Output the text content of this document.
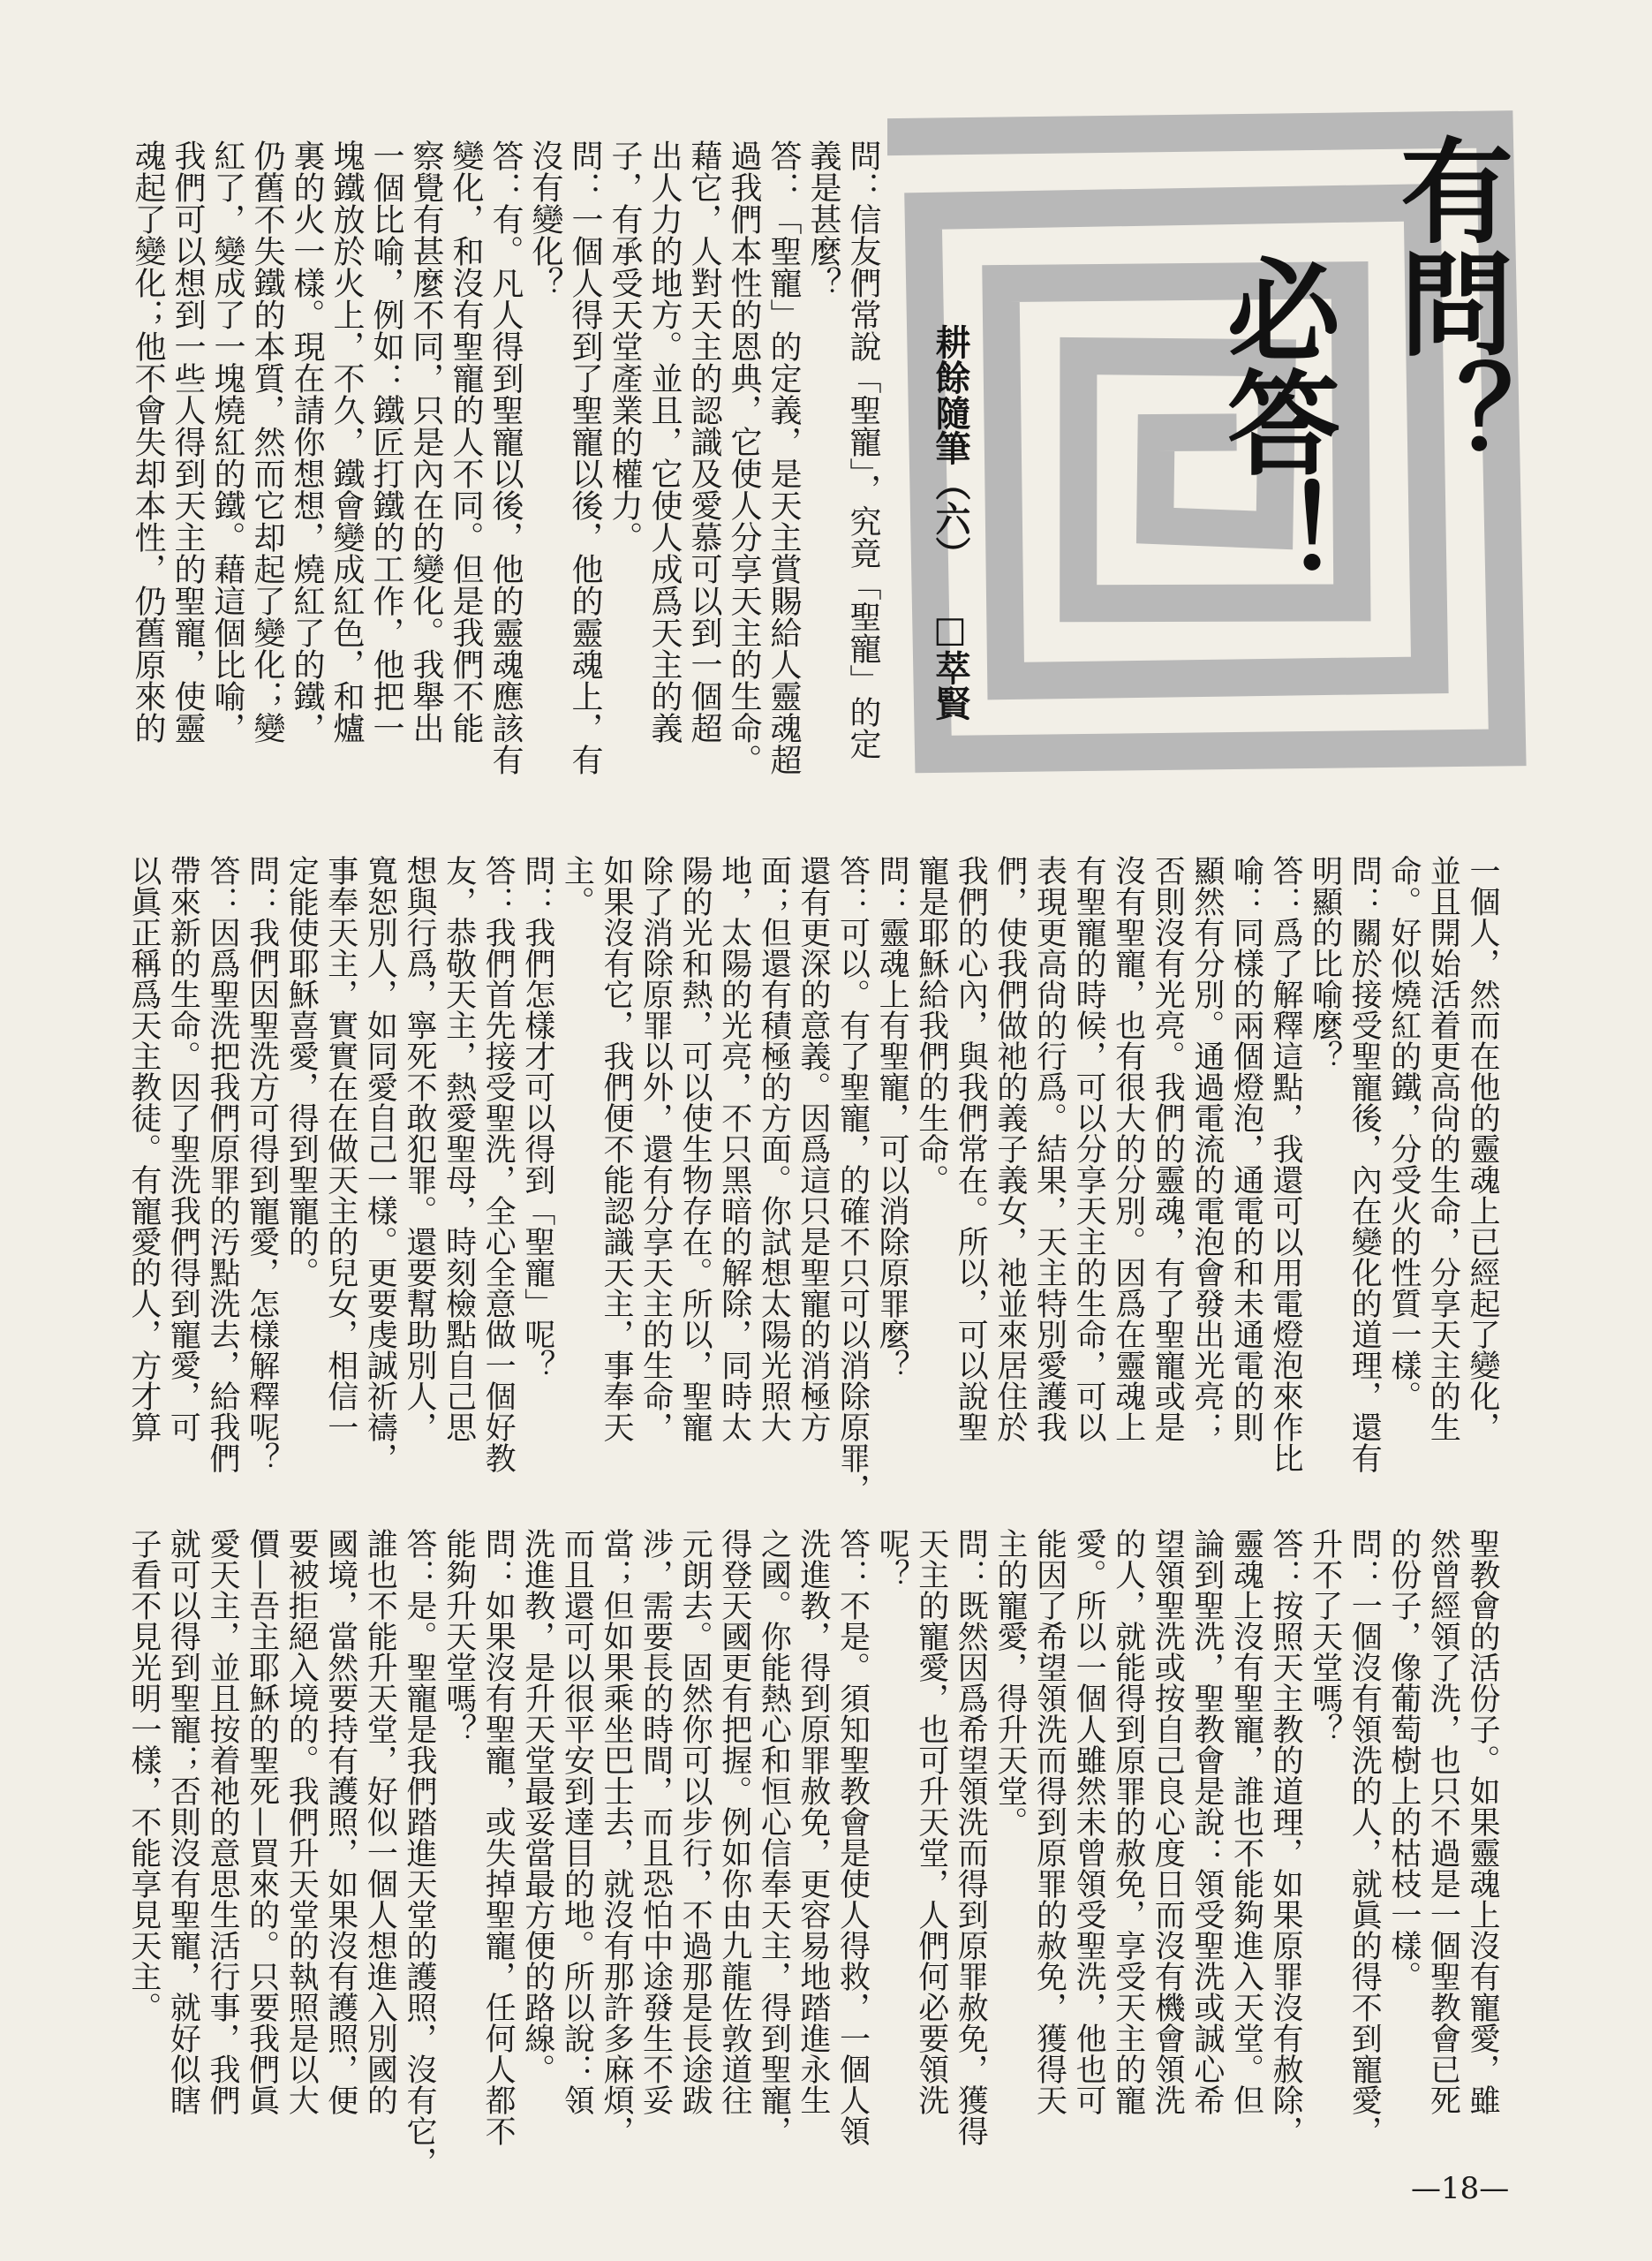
有問？
必答！
耕餘隨筆（六）
□萃賢
問：信友們常說「聖寵」，究竟「聖寵」的定
義是甚麼？
答：「聖寵」的定義，是天主賞賜給人靈魂超
過我們本性的恩典，它使人分享天主的生命。
藉它，人對天主的認識及愛慕可以到一個超
出人力的地方。並且，它使人成爲天主的義
子，有承受天堂產業的權力。
問：一個人得到了聖寵以後，他的靈魂上，有
沒有變化？
答：有。凡人得到聖寵以後，他的靈魂應該有
變化，和沒有聖寵的人不同。但是我們不能
察覺有甚麼不同，只是內在的變化。我舉出
一個比喻，例如：鐵匠打鐵的工作，他把一
塊鐵放於火上，不久，鐵會變成紅色，和爐
裏的火一樣。現在請你想想，燒紅了的鐵，
仍舊不失鐵的本質，然而它却起了變化；變
紅了，變成了一塊燒紅的鐵。藉這個比喻，
我們可以想到一些人得到天主的聖寵，使靈
魂起了變化；他不會失却本性，仍舊原來的
一個人，然而在他的靈魂上已經起了變化，
並且開始活着更高尙的生命，分享天主的生
命。好似燒紅的鐵，分受火的性質一樣。
問：關於接受聖寵後，內在變化的道理，還有
明顯的比喻麼？
答：爲了解釋這點，我還可以用電燈泡來作比
喻：同樣的兩個燈泡，通電的和未通電的則
顯然有分別。通過電流的電泡會發出光亮；
否則沒有光亮。我們的靈魂，有了聖寵或是
沒有聖寵，也有很大的分別。因爲在靈魂上
有聖寵的時候，可以分享天主的生命，可以
表現更高尙的行爲。結果，天主特別愛護我
們，使我們做祂的義子義女，祂並來居住於
我們的心內，與我們常在。所以，可以說聖
寵是耶穌給我們的生命。
問：靈魂上有聖寵，可以消除原罪麼？
答：可以。有了聖寵，的確不只可以消除原罪，
還有更深的意義。因爲這只是聖寵的消極方
面；但還有積極的方面。你試想太陽光照大
地，太陽的光亮，不只黑暗的解除，同時太
陽的光和熱，可以使生物存在。所以，聖寵
除了消除原罪以外，還有分享天主的生命，
如果沒有它，我們便不能認識天主，事奉天
主。
問：我們怎樣才可以得到「聖寵」呢？
答：我們首先接受聖洗，全心全意做一個好教
友，恭敬天主，熱愛聖母，時刻檢點自己思
想與行爲，寧死不敢犯罪。還要幫助別人，
寬恕別人，如同愛自己一樣。更要虔誠祈禱，
事奉天主，實實在在做天主的兒女，相信一
定能使耶穌喜愛，得到聖寵的。
問：我們因聖洗方可得到寵愛，怎樣解釋呢？
答：因爲聖洗把我們原罪的汚點洗去，給我們
帶來新的生命。因了聖洗我們得到寵愛，可
以眞正稱爲天主教徒。有寵愛的人，方才算
聖教會的活份子。如果靈魂上沒有寵愛，雖
然曾經領了洗，也只不過是一個聖教會已死
的份子，像葡萄樹上的枯枝一樣。
問：一個沒有領洗的人，就眞的得不到寵愛，
升不了天堂嗎？
答：按照天主教的道理，如果原罪沒有赦除，
靈魂上沒有聖寵，誰也不能夠進入天堂。但
論到聖洗，聖教會是說：領受聖洗或誠心希
望領聖洗或按自己良心度日而沒有機會領洗
的人，就能得到原罪的赦免，享受天主的寵
愛。所以一個人雖然未曾領受聖洗，他也可
能因了希望領洗而得到原罪的赦免，獲得天
主的寵愛，得升天堂。
問：既然因爲希望領洗而得到原罪赦免，獲得
天主的寵愛，也可升天堂，人們何必要領洗
呢？
答：不是。須知聖教會是使人得救，一個人領
洗進教，得到原罪赦免，更容易地踏進永生
之國。你能熱心和恒心信奉天主，得到聖寵，
得登天國更有把握。例如你由九龍佐敦道往
元朗去。固然你可以步行，不過那是長途跋
涉，需要長的時間，而且恐怕中途發生不妥
當；但如果乘坐巴士去，就沒有那許多麻煩，
而且還可以很平安到達目的地。所以說：領
洗進教，是升天堂最妥當最方便的路線。
問：如果沒有聖寵，或失掉聖寵，任何人都不
能夠升天堂嗎？
答：是。聖寵是我們踏進天堂的護照，沒有它，
誰也不能升天堂，好似一個人想進入別國的
國境，當然要持有護照，如果沒有護照，便
要被拒絕入境的。我們升天堂的執照是以大
價—吾主耶穌的聖死—買來的。只要我們眞
愛天主，並且按着祂的意思生活行事，我們
就可以得到聖寵；否則沒有聖寵，就好似瞎
子看不見光明一樣，不能享見天主。
—18—
